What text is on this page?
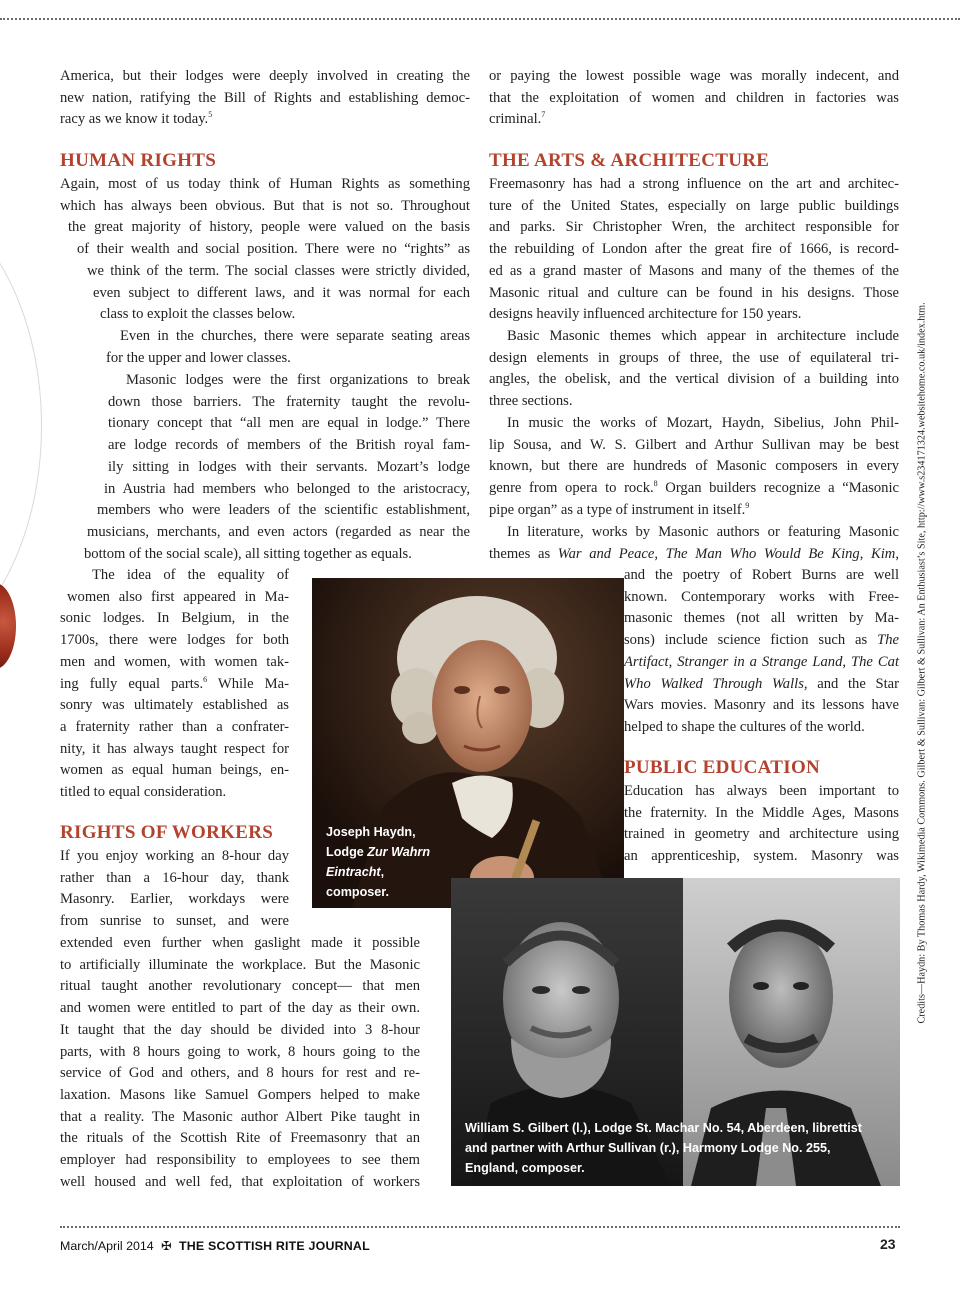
America, but their lodges were deeply involved in creating the
new nation, ratifying the Bill of Rights and establishing democ-
racy as we know it today.$^5$
HUMAN RIGHTS
Again, most of us today think of Human Rights as something
which has always been obvious. But that is not so. Throughout
the great majority of history, people were valued on the basis
of their wealth and social position. There were no “rights” as
we think of the term. The social classes were strictly divided,
even subject to different laws, and it was normal for each
class to exploit the classes below.
Even in the churches, there were separate seating areas
for the upper and lower classes.
Masonic lodges were the first organizations to break
down those barriers. The fraternity taught the revolu-
tionary concept that “all men are equal in lodge.” There
are lodge records of members of the British royal fam-
ily sitting in lodges with their servants. Mozart’s lodge
in Austria had members who belonged to the aristocracy,
members who were leaders of the scientific establishment,
musicians, merchants, and even actors (regarded as near the
bottom of the social scale), all sitting together as equals.
The idea of the equality of
women also first appeared in Ma-
sonic lodges. In Belgium, in the
1700s, there were lodges for both
men and women, with women tak-
ing fully equal parts.$^6$ While Ma-
sonry was ultimately established as
a fraternity rather than a confrater-
nity, it has always taught respect for
women as equal human beings, en-
titled to equal consideration.
RIGHTS OF WORKERS
If you enjoy working an 8-hour day
rather than a 16-hour day, thank
Masonry. Earlier, workdays were
from sunrise to sunset, and were
extended even further when gaslight made it possible
to artificially illuminate the workplace. But the Masonic
ritual taught another revolutionary concept— that men
and women were entitled to part of the day as their own.
It taught that the day should be divided into 3 8-hour
parts, with 8 hours going to work, 8 hours going to the
service of God and others, and 8 hours for rest and re-
laxation. Masons like Samuel Gompers helped to make
that a reality. The Masonic author Albert Pike taught in
the rituals of the Scottish Rite of Freemasonry that an
employer had responsibility to employees to see them
well housed and well fed, that exploitation of workers
or paying the lowest possible wage was morally indecent, and
that the exploitation of women and children in factories was
criminal.$^7$
THE ARTS & ARCHITECTURE
Freemasonry has had a strong influence on the art and architec-
ture of the United States, especially on large public buildings
and parks. Sir Christopher Wren, the architect responsible for
the rebuilding of London after the great fire of 1666, is record-
ed as a grand master of Masons and many of the themes of the
Masonic ritual and culture can be found in his designs. Those
designs heavily influenced architecture for 150 years.
Basic Masonic themes which appear in architecture include
design elements in groups of three, the use of equilateral tri-
angles, the obelisk, and the vertical division of a building into
three sections.
In music the works of Mozart, Haydn, Sibelius, John Phil-
lip Sousa, and W. S. Gilbert and Arthur Sullivan may be best
known, but there are hundreds of Masonic composers in every
genre from opera to rock.$^8$ Organ builders recognize a “Masonic
pipe organ” as a type of instrument in itself.$^9$
In literature, works by Masonic authors or featuring Masonic
themes as War and Peace, The Man Who Would Be King, Kim,
and the poetry of Robert Burns are well
known. Contemporary works with Free-
masonic themes (not all written by Ma-
sons) include science fiction such as The
Artifact, Stranger in a Strange Land, The Cat
Who Walked Through Walls, and the Star
Wars movies. Masonry and its lessons have
helped to shape the cultures of the world.
PUBLIC EDUCATION
Education has always been important to
the fraternity. In the Middle Ages, Masons
trained in geometry and architecture using
an apprenticeship, system. Masonry was
Joseph Haydn,
Lodge Zur Wahrn
Eintracht,
composer.
William S. Gilbert (l.), Lodge St. Machar No. 54, Aberdeen, librettist
and partner with Arthur Sullivan (r.), Harmony Lodge No. 255,
England, composer.
Credits—Haydn: By Thomas Hardy, Wikimedia Commons. Gilbert & Sullivan: Gilbert & Sullivan: An Enthusiast’s Site, http://www.s234171324.websitehome.co.uk/index.htm.
March/April 2014 ✠ THE SCOTTISH RITE JOURNAL	23
